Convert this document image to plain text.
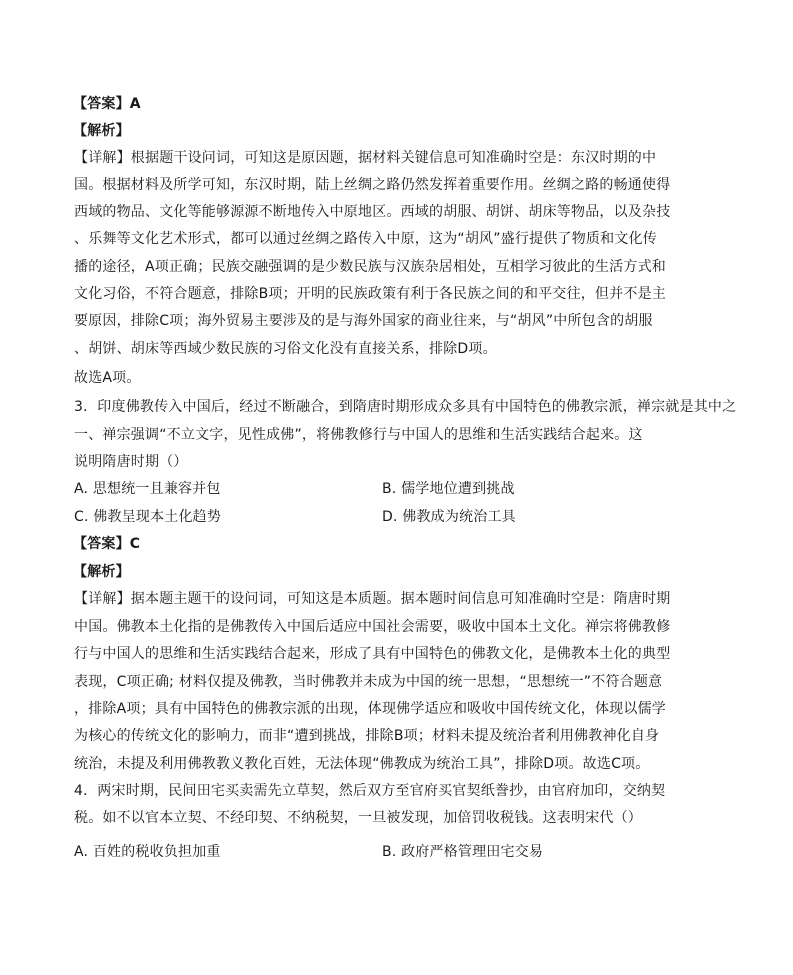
【答案】A
【解析】
【详解】根据题干设问词，可知这是原因题，据材料关键信息可知准确时空是：东汉时期的中
国。根据材料及所学可知，东汉时期，陆上丝绸之路仍然发挥着重要作用。丝绸之路的畅通使得
西域的物品、文化等能够源源不断地传入中原地区。西域的胡服、胡饼、胡床等物品，以及杂技
、乐舞等文化艺术形式，都可以通过丝绸之路传入中原，这为“胡风”盛行提供了物质和文化传
播的途径，A项正确；民族交融强调的是少数民族与汉族杂居相处，互相学习彼此的生活方式和
文化习俗，不符合题意，排除B项；开明的民族政策有利于各民族之间的和平交往，但并不是主
要原因，排除C项；海外贸易主要涉及的是与海外国家的商业往来，与“胡风”中所包含的胡服
、胡饼、胡床等西域少数民族的习俗文化没有直接关系，排除D项。
故选A项。
3．印度佛教传入中国后，经过不断融合，到隋唐时期形成众多具有中国特色的佛教宗派，禅宗就是其中之
一、禅宗强调“不立文字，见性成佛”，将佛教修行与中国人的思维和生活实践结合起来。这
说明隋唐时期（）
A. 思想统一且兼容并包	B. 儒学地位遭到挑战
C. 佛教呈现本土化趋势	D. 佛教成为统治工具
【答案】C
【解析】
【详解】据本题主题干的设问词，可知这是本质题。据本题时间信息可知准确时空是：隋唐时期
中国。佛教本土化指的是佛教传入中国后适应中国社会需要，吸收中国本土文化。禅宗将佛教修
行与中国人的思维和生活实践结合起来，形成了具有中国特色的佛教文化，是佛教本土化的典型
表现，C项正确; 材料仅提及佛教，当时佛教并未成为中国的统一思想，“思想统一”不符合题意
，排除A项；具有中国特色的佛教宗派的出现，体现佛学适应和吸收中国传统文化，体现以儒学
为核心的传统文化的影响力，而非“遭到挑战，排除B项；材料未提及统治者利用佛教神化自身
统治，未提及利用佛教教义教化百姓，无法体现“佛教成为统治工具”，排除D项。故选C项。
4．两宋时期，民间田宅买卖需先立草契，然后双方至官府买官契纸誊抄，由官府加印，交纳契
税。如不以官本立契、不经印契、不纳税契，一旦被发现，加倍罚收税钱。这表明宋代（）
A. 百姓的税收负担加重	B. 政府严格管理田宅交易
